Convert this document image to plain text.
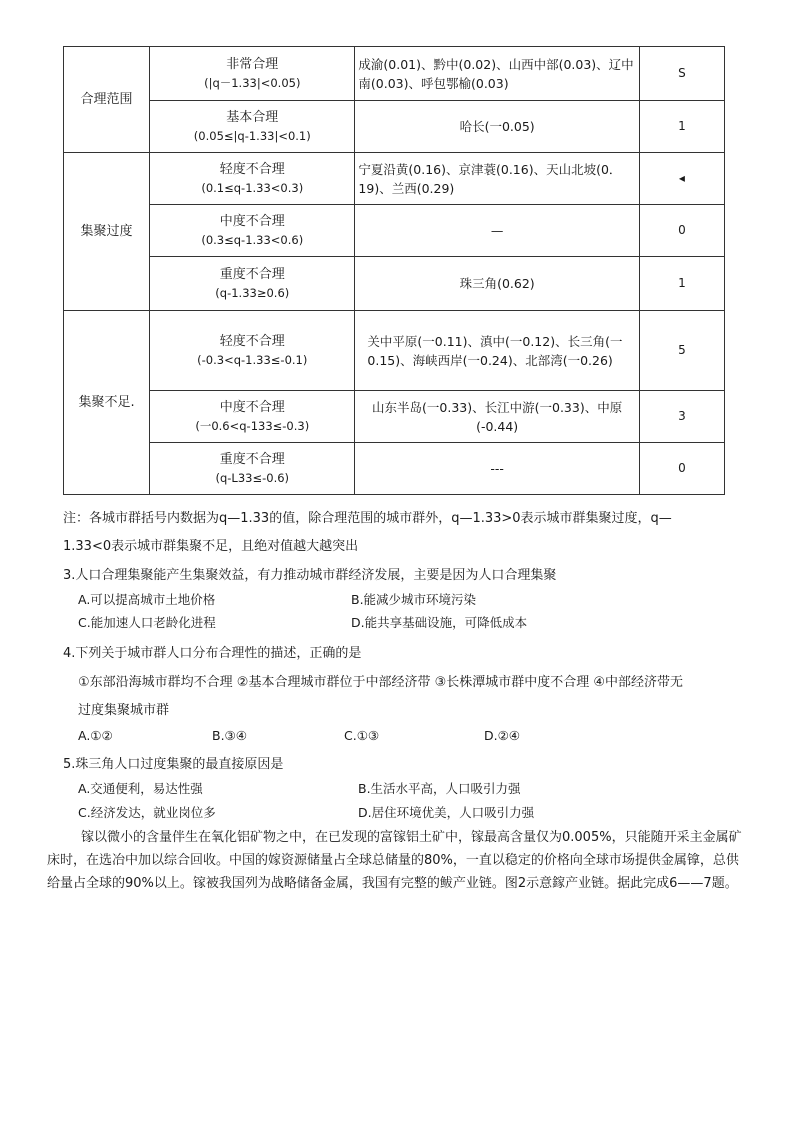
合理范围	非常合理
(|q－1.33|<0.05)	成渝(0.01)、黔中(0.02)、山西中部(0.03)、辽中南(0.03)、呼包鄂榆(0.03)	S

	基本合理
(0.05≤|q-1.33|<0.1)	哈长(一0.05)	1
集聚过度	轻度不合理
(0.1≤q-1.33<0.3)	宁夏沿黄(0.16)、京津蓑(0.16)、天山北坡(0．19)、兰西(0.29)	◂

	中度不合理
(0.3≤q-1.33<0.6)	—	0

	重度不合理
(q-1.33≥0.6)	珠三角(0.62)	1
集聚不足.	轻度不合理
(-0.3<q-1.33≤-0.1)	关中平原(一0.11)、滇中(一0.12)、长三角(一0.15)、海峡西岸(一0.24)、北部湾(一0.26)	5

	中度不合理
(一0.6<q-133≤-0.3)	山东半岛(一0.33)、长江中游(一0.33)、中原(-0.44)	3

	重度不合理
(q-L33≤-0.6)	---	0
注：各城市群括号内数据为q—1.33的值，除合理范围的城市群外，q—1.33>0表示城市群集聚过度，q—
1.33<0表示城市群集聚不足，且绝对值越大越突出
3.人口合理集聚能产生集聚效益，有力推动城市群经济发展，主要是因为人口合理集聚
A.可以提高城市土地价格	B.能减少城市环境污染
C.能加速人口老龄化进程	D.能共享基础设施，可降低成本
4.下列关于城市群人口分布合理性的描述，正确的是
①东部沿海城市群均不合理 ②基本合理城市群位于中部经济带 ③长株潭城市群中度不合理 ④中部经济带无
过度集聚城市群
A.①②	B.③④	C.①③	D.②④
5.珠三角人口过度集聚的最直接原因是
A.交通便利，易达性强	B.生活水平高，人口吸引力强
C.经济发达，就业岗位多	D.居住环境优美，人口吸引力强
镓以微小的含量伴生在氧化铝矿物之中，在已发现的富镓铝土矿中，镓最高含量仅为0.005%，只能随开采主金属矿床时，在选冶中加以综合回收。中国的嫁资源储量占全球总储量的80%，一直以稳定的价格向全球市场提供金属镎，总供给量占全球的90%以上。镓被我国列为战略储备金属，我国有完整的鲅产业链。图2示意鎵产业链。据此完成6——7题。
